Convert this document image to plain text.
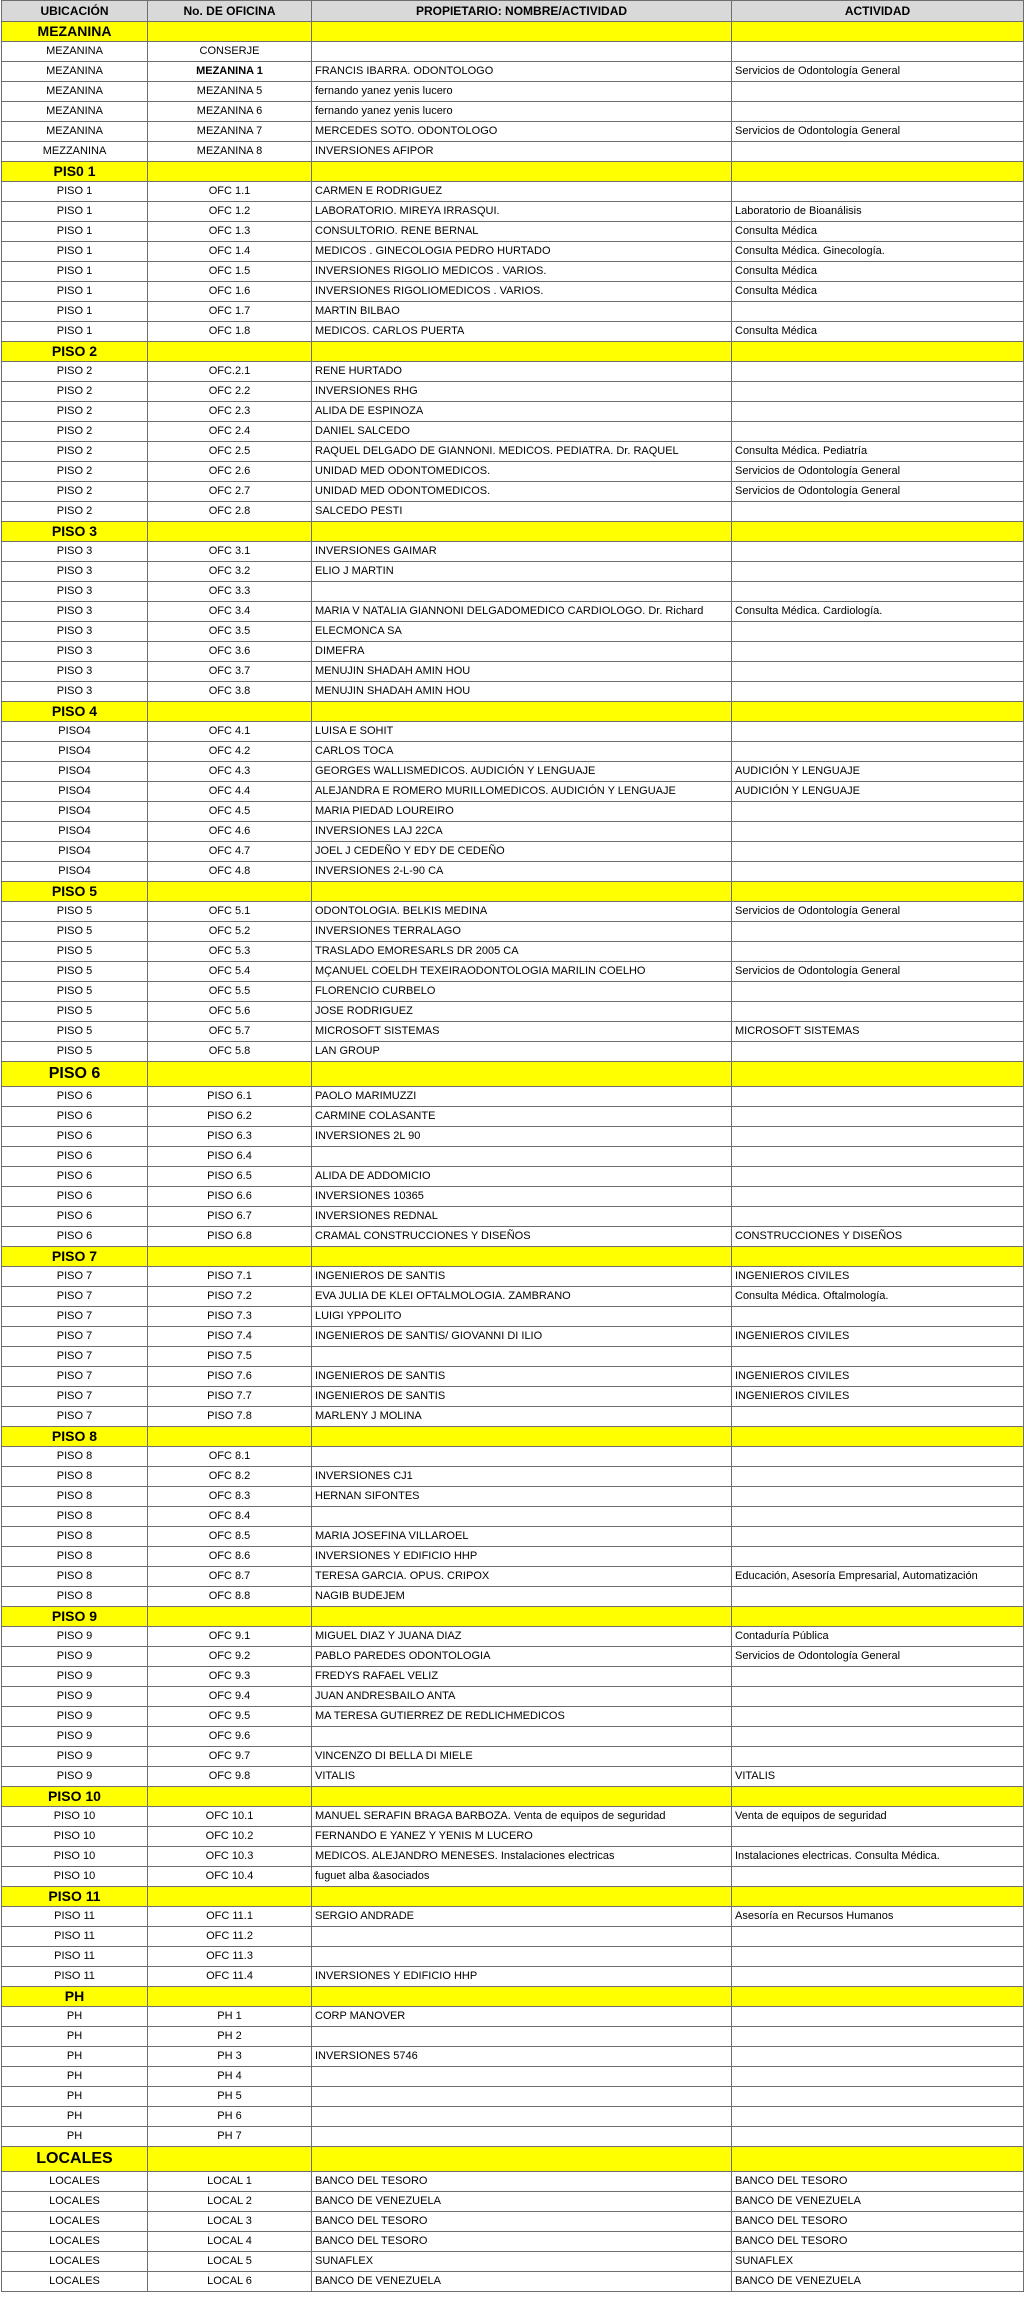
UBICACIÓN	No. DE OFICINA	PROPIETARIO: NOMBRE/ACTIVIDAD	ACTIVIDAD
MEZANINA			
MEZANINA	CONSERJE		
MEZANINA	MEZANINA 1	FRANCIS IBARRA. ODONTOLOGO	Servicios de Odontología General
MEZANINA	MEZANINA 5	fernando yanez yenis lucero	
MEZANINA	MEZANINA 6	fernando yanez yenis lucero	
MEZANINA	MEZANINA 7	MERCEDES SOTO. ODONTOLOGO	Servicios de Odontología General
MEZZANINA	MEZANINA 8	INVERSIONES AFIPOR	
PIS0 1			
PISO 1	OFC 1.1	CARMEN E RODRIGUEZ	
PISO 1	OFC 1.2	LABORATORIO. MIREYA IRRASQUI.	Laboratorio de Bioanálisis
PISO 1	OFC 1.3	CONSULTORIO. RENE BERNAL	Consulta Médica
PISO 1	OFC 1.4	MEDICOS . GINECOLOGIA PEDRO HURTADO	Consulta Médica. Ginecología.
PISO 1	OFC 1.5	INVERSIONES RIGOLIO MEDICOS . VARIOS.	Consulta Médica
PISO 1	OFC 1.6	INVERSIONES RIGOLIOMEDICOS . VARIOS.	Consulta Médica
PISO 1	OFC 1.7	MARTIN BILBAO	
PISO 1	OFC 1.8	MEDICOS. CARLOS PUERTA	Consulta Médica
PISO 2			
PISO 2	OFC.2.1	RENE HURTADO	
PISO 2	OFC 2.2	INVERSIONES RHG	
PISO 2	OFC 2.3	ALIDA DE ESPINOZA	
PISO 2	OFC 2.4	DANIEL SALCEDO	
PISO 2	OFC 2.5	RAQUEL DELGADO DE GIANNONI. MEDICOS. PEDIATRA. Dr. RAQUEL	Consulta Médica. Pediatría
PISO 2	OFC 2.6	UNIDAD MED ODONTOMEDICOS.	Servicios de Odontología General
PISO 2	OFC 2.7	UNIDAD MED ODONTOMEDICOS.	Servicios de Odontología General
PISO 2	OFC 2.8	SALCEDO PESTI	
PISO 3			
PISO 3	OFC 3.1	INVERSIONES GAIMAR	
PISO 3	OFC 3.2	ELIO J MARTIN	
PISO 3	OFC 3.3		
PISO 3	OFC 3.4	MARIA V NATALIA GIANNONI DELGADOMEDICO CARDIOLOGO. Dr. Richard	Consulta Médica. Cardiología.
PISO 3	OFC 3.5	ELECMONCA SA	
PISO 3	OFC 3.6	DIMEFRA	
PISO 3	OFC 3.7	MENUJIN SHADAH AMIN HOU	
PISO 3	OFC 3.8	MENUJIN SHADAH AMIN HOU	
PISO 4			
PISO4	OFC 4.1	LUISA E SOHIT	
PISO4	OFC 4.2	CARLOS TOCA	
PISO4	OFC 4.3	GEORGES WALLISMEDICOS. AUDICIÓN Y LENGUAJE	AUDICIÓN Y LENGUAJE
PISO4	OFC 4.4	ALEJANDRA E ROMERO MURILLOMEDICOS. AUDICIÓN Y LENGUAJE	AUDICIÓN Y LENGUAJE
PISO4	OFC 4.5	MARIA PIEDAD LOUREIRO	
PISO4	OFC 4.6	INVERSIONES LAJ 22CA	
PISO4	OFC 4.7	JOEL J CEDEÑO Y EDY DE CEDEÑO	
PISO4	OFC 4.8	INVERSIONES 2-L-90 CA	
PISO 5			
PISO 5	OFC 5.1	ODONTOLOGIA. BELKIS MEDINA	Servicios de Odontología General
PISO 5	OFC 5.2	INVERSIONES TERRALAGO	
PISO 5	OFC 5.3	TRASLADO EMORESARLS DR 2005 CA	
PISO 5	OFC 5.4	MÇANUEL COELDH TEXEIRAODONTOLOGIA MARILIN COELHO	Servicios de Odontología General
PISO 5	OFC 5.5	FLORENCIO CURBELO	
PISO 5	OFC 5.6	JOSE RODRIGUEZ	
PISO 5	OFC 5.7	MICROSOFT SISTEMAS	MICROSOFT SISTEMAS
PISO 5	OFC 5.8	LAN GROUP	
PISO 6			
PISO 6	PISO 6.1	PAOLO MARIMUZZI	
PISO 6	PISO 6.2	CARMINE COLASANTE	
PISO 6	PISO 6.3	INVERSIONES 2L 90	
PISO 6	PISO 6.4		
PISO 6	PISO 6.5	ALIDA DE ADDOMICIO	
PISO 6	PISO 6.6	INVERSIONES 10365	
PISO 6	PISO 6.7	INVERSIONES REDNAL	
PISO 6	PISO 6.8	CRAMAL CONSTRUCCIONES Y DISEÑOS	CONSTRUCCIONES Y DISEÑOS
PISO 7			
PISO 7	PISO 7.1	INGENIEROS DE SANTIS	INGENIEROS CIVILES
PISO 7	PISO 7.2	EVA JULIA DE KLEI OFTALMOLOGIA. ZAMBRANO	Consulta Médica. Oftalmología.
PISO 7	PISO 7.3	LUIGI YPPOLITO	
PISO 7	PISO 7.4	INGENIEROS DE SANTIS/ GIOVANNI DI ILIO	INGENIEROS CIVILES
PISO 7	PISO 7.5		
PISO 7	PISO 7.6	INGENIEROS DE SANTIS	INGENIEROS CIVILES
PISO 7	PISO 7.7	INGENIEROS DE SANTIS	INGENIEROS CIVILES
PISO 7	PISO 7.8	MARLENY J MOLINA	
PISO 8			
PISO 8	OFC 8.1		
PISO 8	OFC 8.2	INVERSIONES CJ1	
PISO 8	OFC 8.3	HERNAN SIFONTES	
PISO 8	OFC 8.4		
PISO 8	OFC 8.5	MARIA JOSEFINA VILLAROEL	
PISO 8	OFC 8.6	INVERSIONES Y EDIFICIO HHP	
PISO 8	OFC 8.7	TERESA GARCIA. OPUS. CRIPOX	Educación, Asesoría Empresarial, Automatización
PISO 8	OFC 8.8	NAGIB BUDEJEM	
PISO 9			
PISO 9	OFC 9.1	MIGUEL DIAZ Y JUANA DIAZ	Contaduría Pública
PISO 9	OFC 9.2	PABLO PAREDES ODONTOLOGIA	Servicios de Odontología General
PISO 9	OFC 9.3	FREDYS RAFAEL VELIZ	
PISO 9	OFC 9.4	JUAN ANDRESBAILO ANTA	
PISO 9	OFC 9.5	MA TERESA GUTIERREZ DE REDLICHMEDICOS	
PISO 9	OFC 9.6		
PISO 9	OFC 9.7	VINCENZO DI BELLA DI MIELE	
PISO 9	OFC 9.8	VITALIS	VITALIS
PISO 10			
PISO 10	OFC 10.1	MANUEL SERAFIN BRAGA BARBOZA. Venta de equipos de seguridad	Venta de equipos de seguridad
PISO 10	OFC 10.2	FERNANDO E YANEZ Y YENIS M LUCERO	
PISO 10	OFC 10.3	MEDICOS. ALEJANDRO MENESES. Instalaciones electricas	Instalaciones electricas. Consulta Médica.
PISO 10	OFC 10.4	fuguet alba &asociados	
PISO 11			
PISO 11	OFC 11.1	SERGIO ANDRADE	Asesoría en Recursos Humanos
PISO 11	OFC 11.2		
PISO 11	OFC 11.3		
PISO 11	OFC 11.4	INVERSIONES Y EDIFICIO HHP	
PH			
PH	PH 1	CORP MANOVER	
PH	PH 2		
PH	PH 3	INVERSIONES 5746	
PH	PH 4		
PH	PH 5		
PH	PH 6		
PH	PH 7		
LOCALES			
LOCALES	LOCAL 1	BANCO DEL TESORO	BANCO DEL TESORO
LOCALES	LOCAL 2	BANCO DE VENEZUELA	BANCO DE VENEZUELA
LOCALES	LOCAL 3	BANCO DEL TESORO	BANCO DEL TESORO
LOCALES	LOCAL 4	BANCO DEL TESORO	BANCO DEL TESORO
LOCALES	LOCAL 5	SUNAFLEX	SUNAFLEX
LOCALES	LOCAL 6	BANCO DE VENEZUELA	BANCO DE VENEZUELA
